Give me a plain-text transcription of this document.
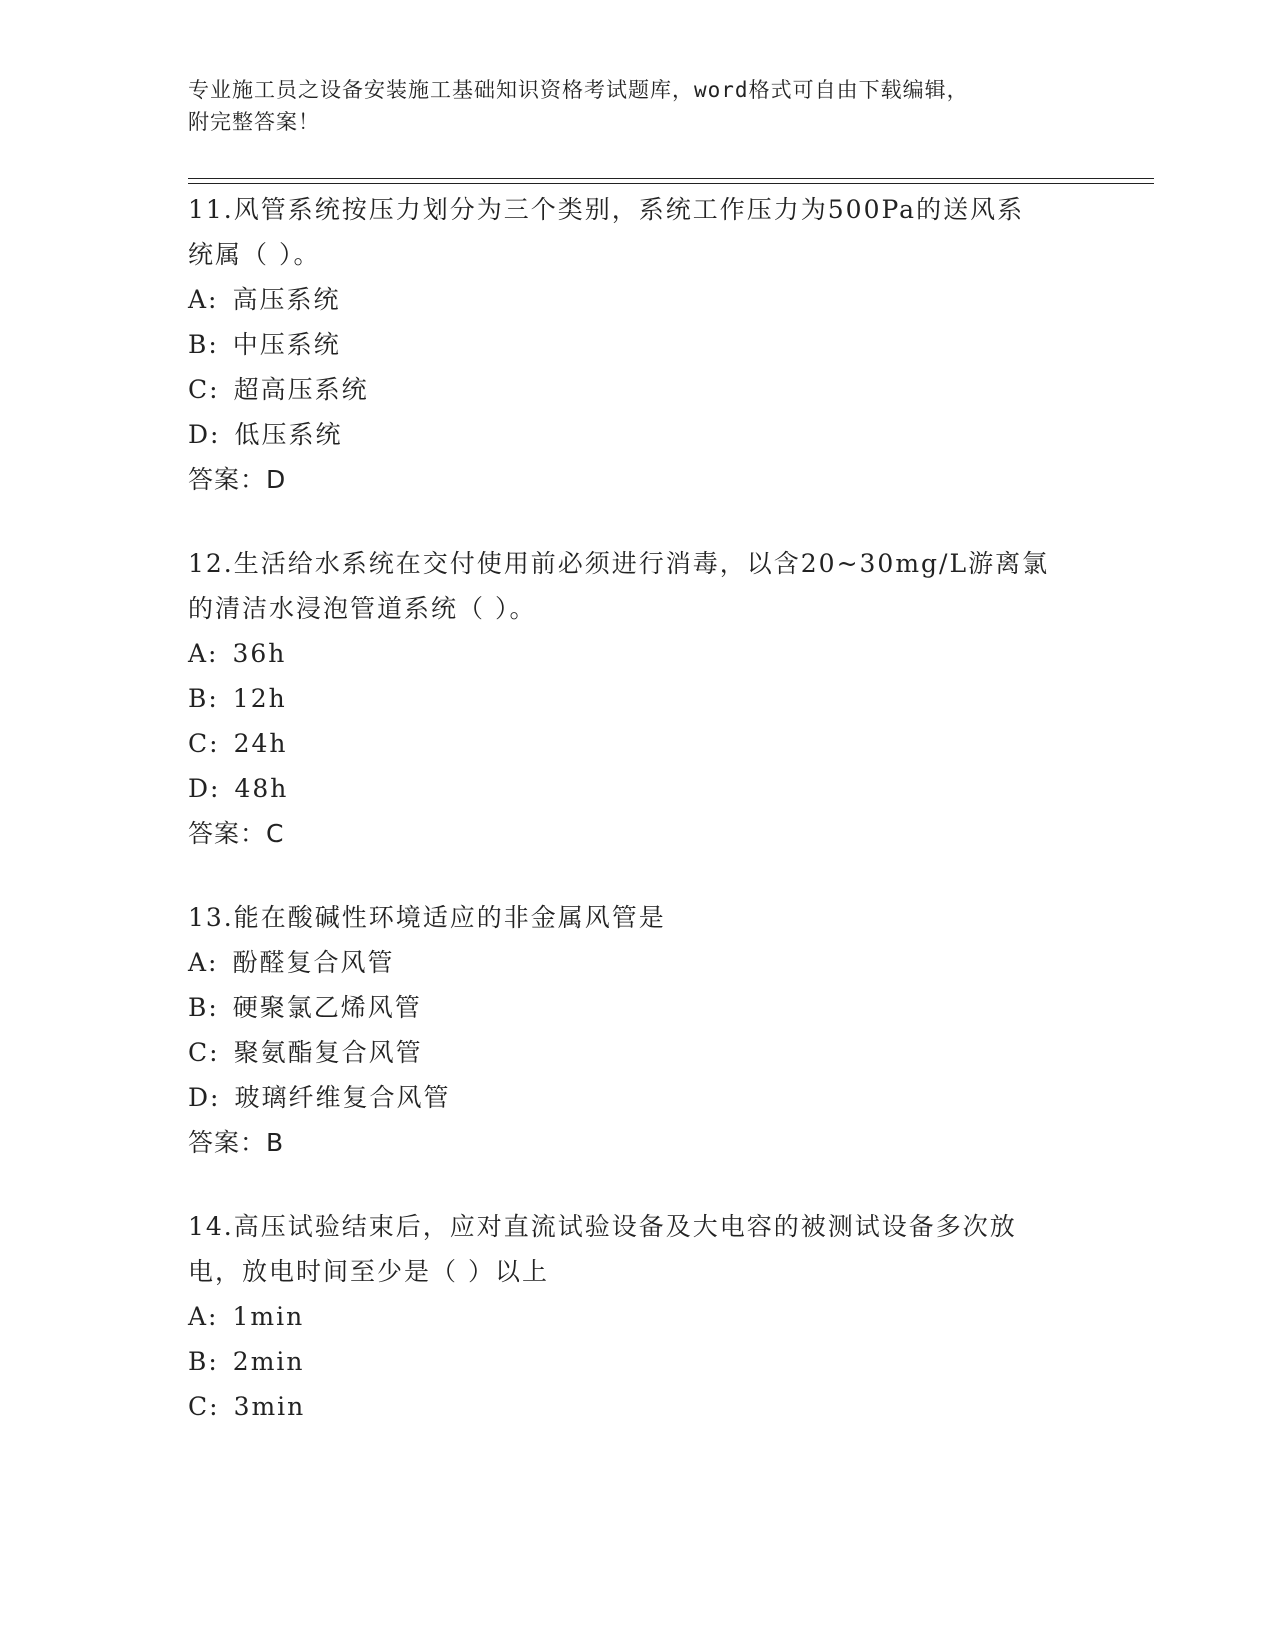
专业施工员之设备安装施工基础知识资格考试题库，word格式可自由下载编辑，
附完整答案！
11.风管系统按压力划分为三个类别，系统工作压力为500Pa的送风系
统属（ ）。
A: 高压系统
B: 中压系统
C: 超高压系统
D: 低压系统
答案：D
12.生活给水系统在交付使用前必须进行消毒，以含20~30mg/L游离氯
的清洁水浸泡管道系统（ ）。
A: 36h
B: 12h
C: 24h
D: 48h
答案：C
13.能在酸碱性环境适应的非金属风管是
A: 酚醛复合风管
B: 硬聚氯乙烯风管
C: 聚氨酯复合风管
D: 玻璃纤维复合风管
答案：B
14.高压试验结束后，应对直流试验设备及大电容的被测试设备多次放
电，放电时间至少是（ ）以上
A: 1min
B: 2min
C: 3min
